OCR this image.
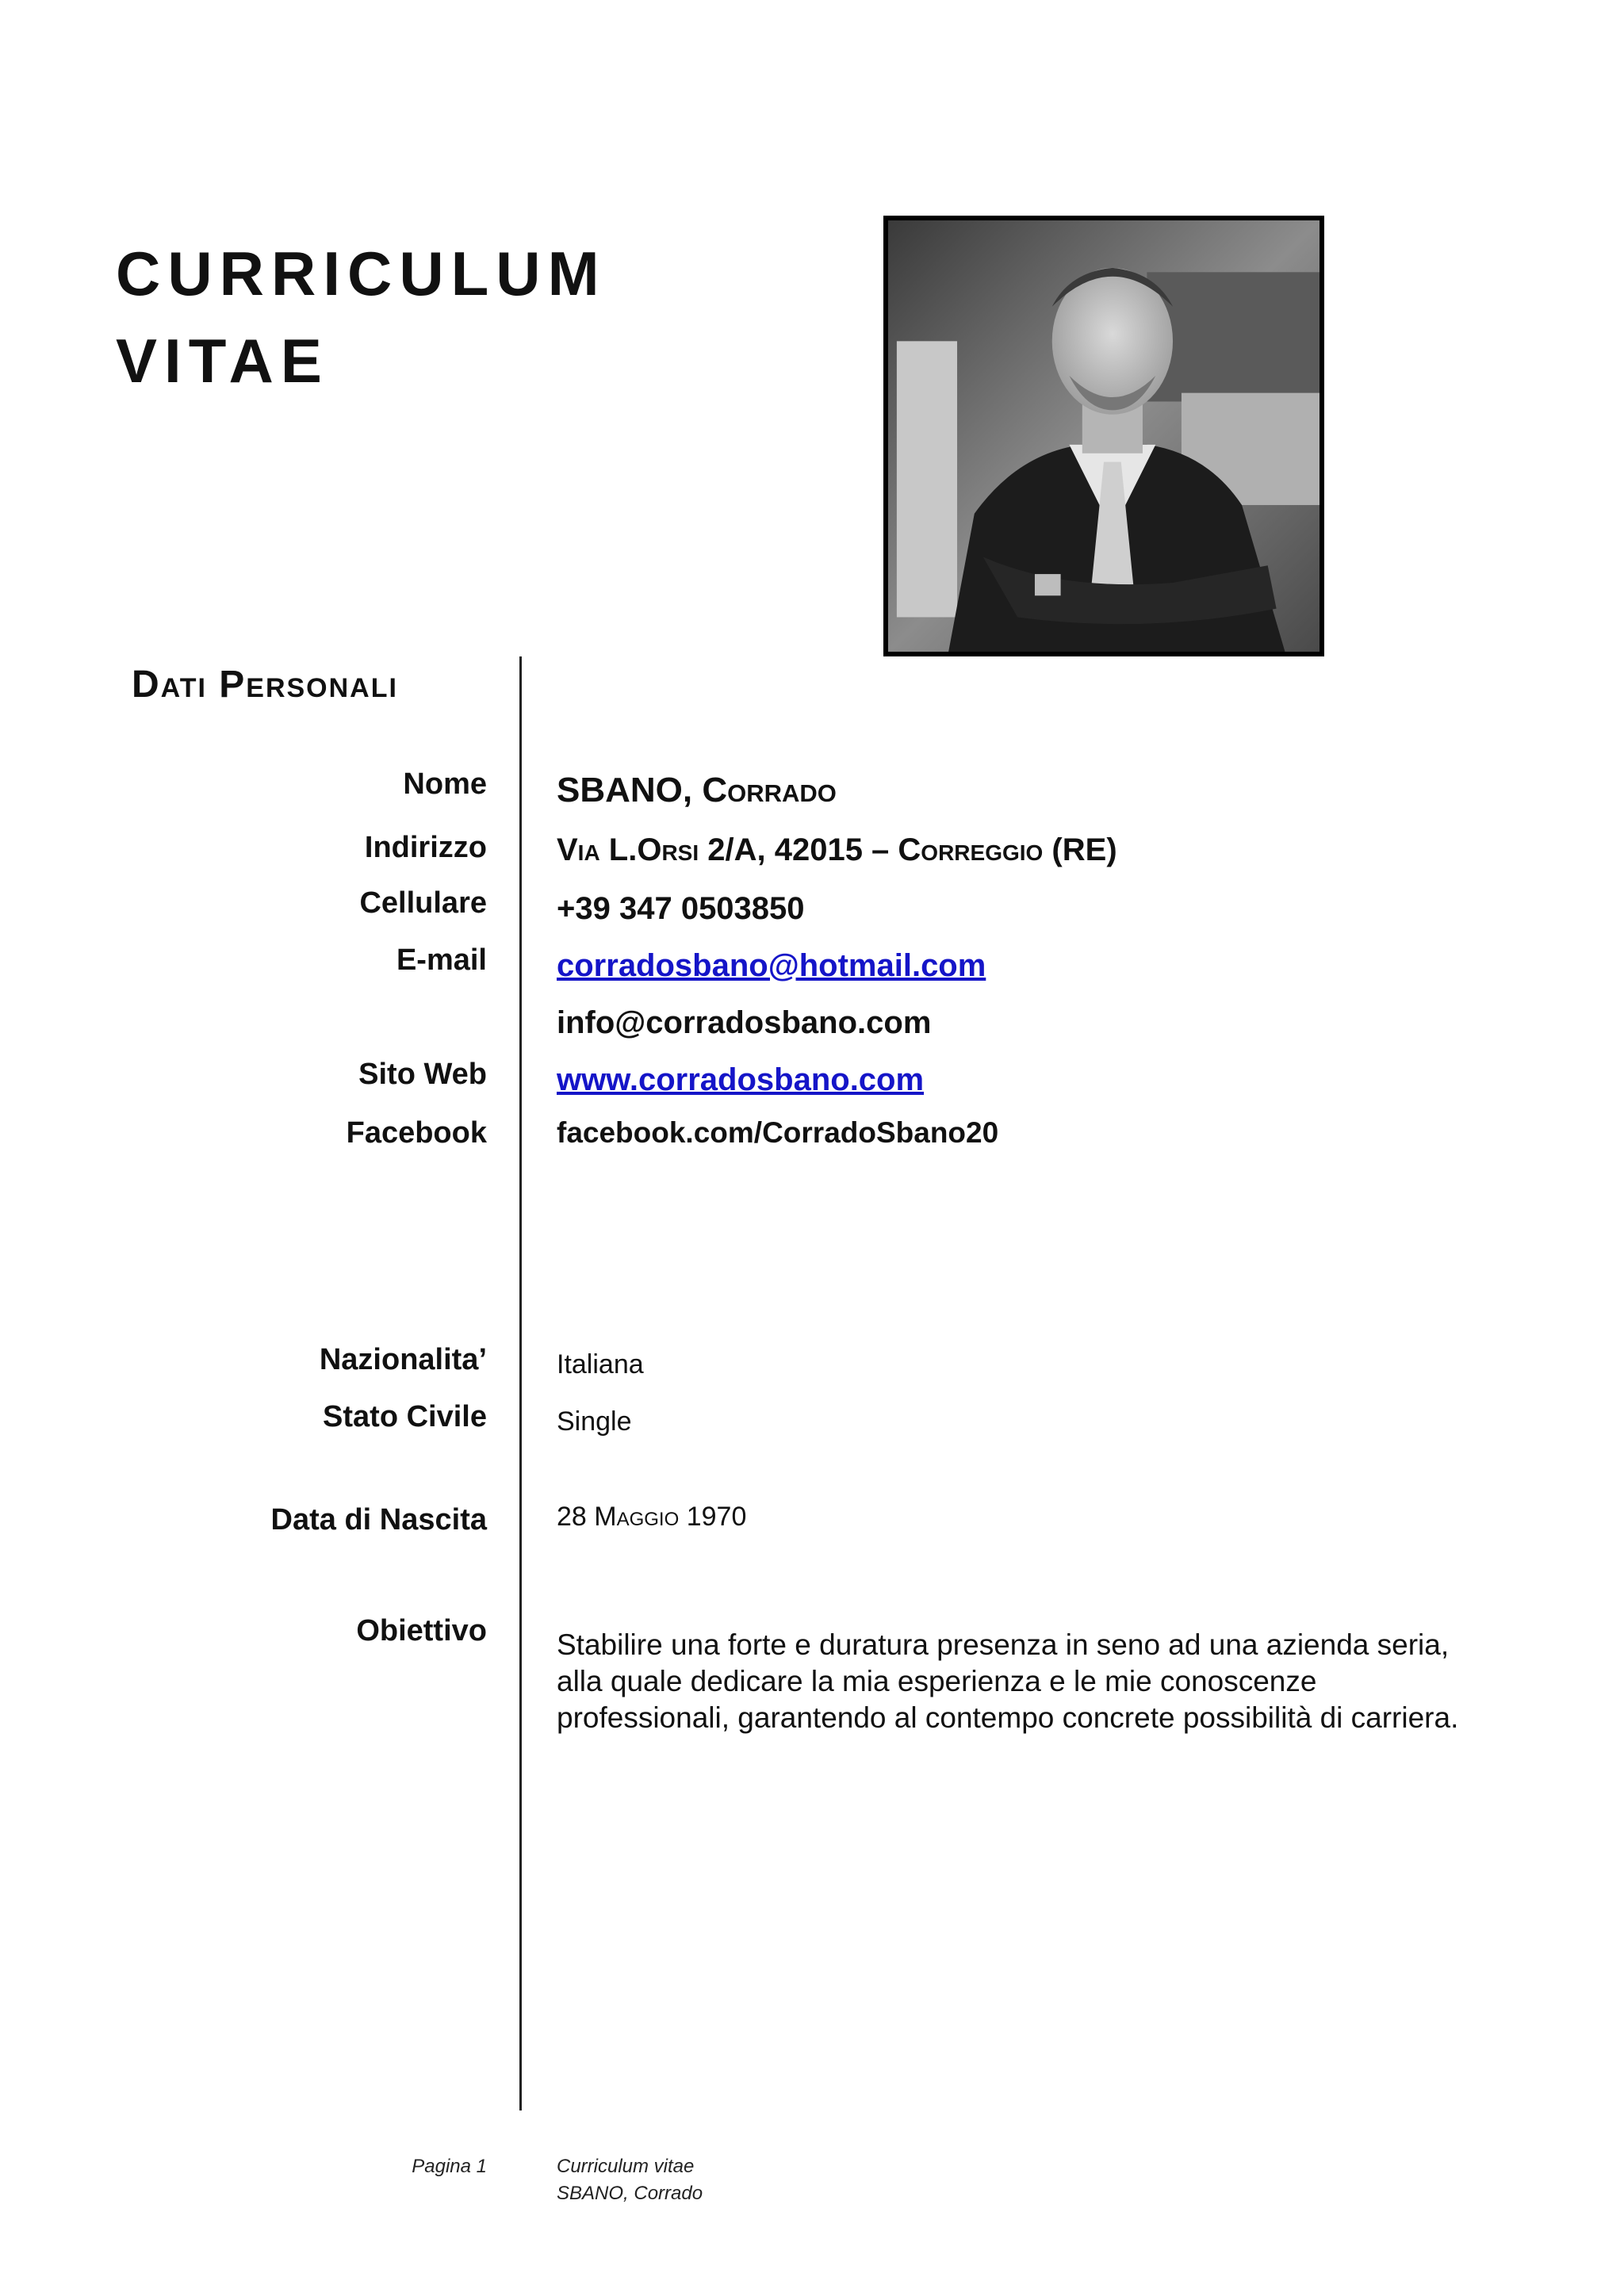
CURRICULUM
VITAE
Dati Personali
Nome
Indirizzo
Cellulare
E-mail
Sito Web
Facebook
Nazionalita’
Stato Civile
Data di Nascita
Obiettivo
SBANO, Corrado
Via L.Orsi 2/A, 42015 – Correggio (RE)
+39 347 0503850
corradosbano@hotmail.com
info@corradosbano.com
www.corradosbano.com
facebook.com/CorradoSbano20
Italiana
Single
28 Maggio 1970
Stabilire una forte e duratura presenza in seno ad una azienda seria, alla quale dedicare la mia esperienza e le mie conoscenze professionali, garantendo al contempo concrete possibilità di carriera.
Pagina 1	Curriculum vitae
SBANO, Corrado
